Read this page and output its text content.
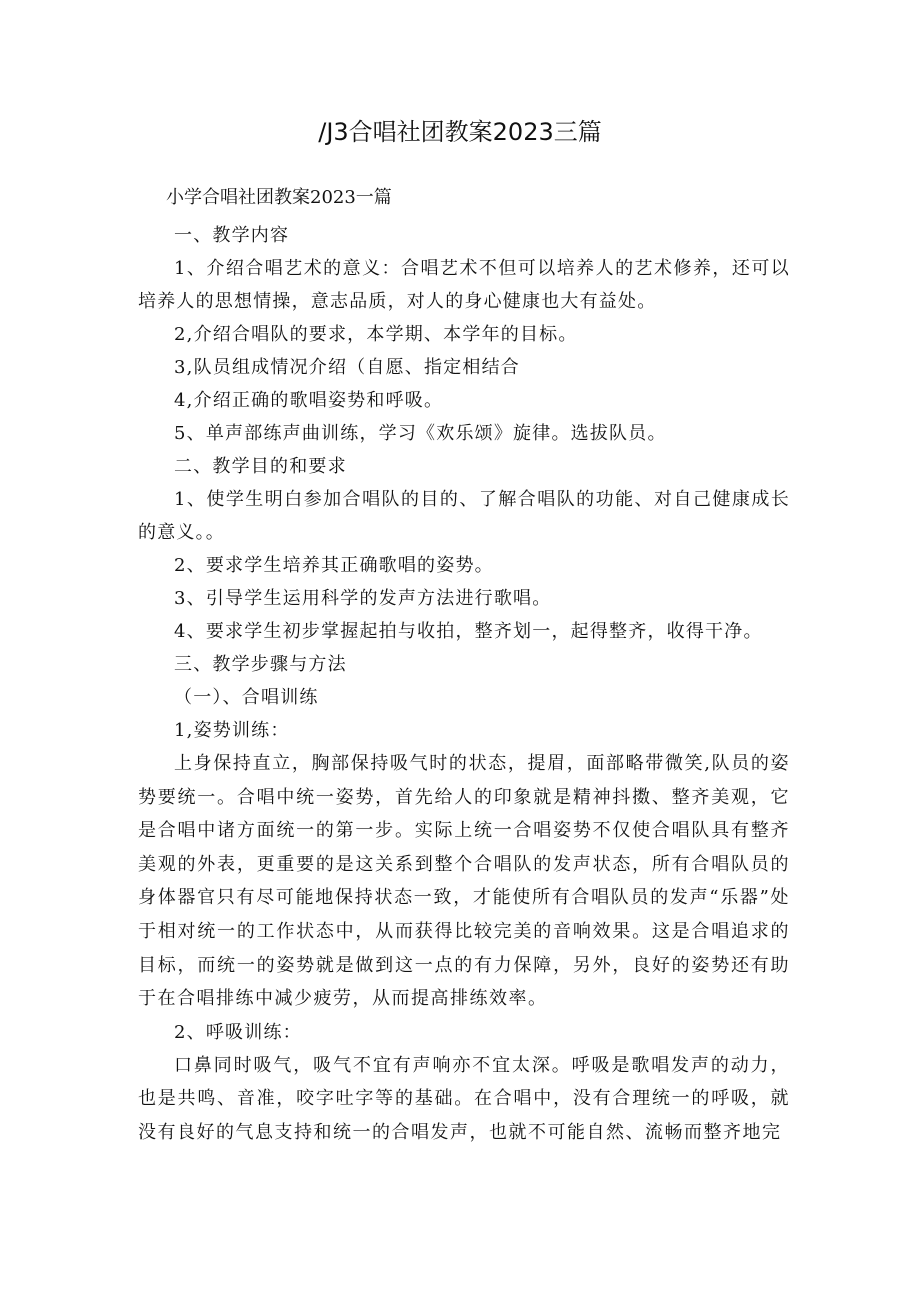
/J3合唱社团教案2023三篇
小学合唱社团教案2023一篇

一、教学内容

1、介绍合唱艺术的意义：合唱艺术不但可以培养人的艺术修养，还可以培养人的思想情操，意志品质，对人的身心健康也大有益处。

2,介绍合唱队的要求，本学期、本学年的目标。

3,队员组成情况介绍（自愿、指定相结合

4,介绍正确的歌唱姿势和呼吸。

5、单声部练声曲训练，学习《欢乐颂》旋律。选拔队员。

二、教学目的和要求

1、使学生明白参加合唱队的目的、了解合唱队的功能、对自己健康成长的意义。。

2、要求学生培养其正确歌唱的姿势。

3、引导学生运用科学的发声方法进行歌唱。

4、要求学生初步掌握起拍与收拍，整齐划一，起得整齐，收得干净。

三、教学步骤与方法

（一）、合唱训练

1,姿势训练：

上身保持直立，胸部保持吸气时的状态，提眉，面部略带微笑,队员的姿势要统一。合唱中统一姿势，首先给人的印象就是精神抖擞、整齐美观，它是合唱中诸方面统一的第一步。实际上统一合唱姿势不仅使合唱队具有整齐美观的外表，更重要的是这关系到整个合唱队的发声状态，所有合唱队员的身体器官只有尽可能地保持状态一致，才能使所有合唱队员的发声“乐器”处于相对统一的工作状态中，从而获得比较完美的音响效果。这是合唱追求的目标，而统一的姿势就是做到这一点的有力保障，另外，良好的姿势还有助于在合唱排练中减少疲劳，从而提高排练效率。

2、呼吸训练：

口鼻同时吸气，吸气不宜有声响亦不宜太深。呼吸是歌唱发声的动力，也是共鸣、音准，咬字吐字等的基础。在合唱中，没有合理统一的呼吸，就没有良好的气息支持和统一的合唱发声，也就不可能自然、流畅而整齐地完
